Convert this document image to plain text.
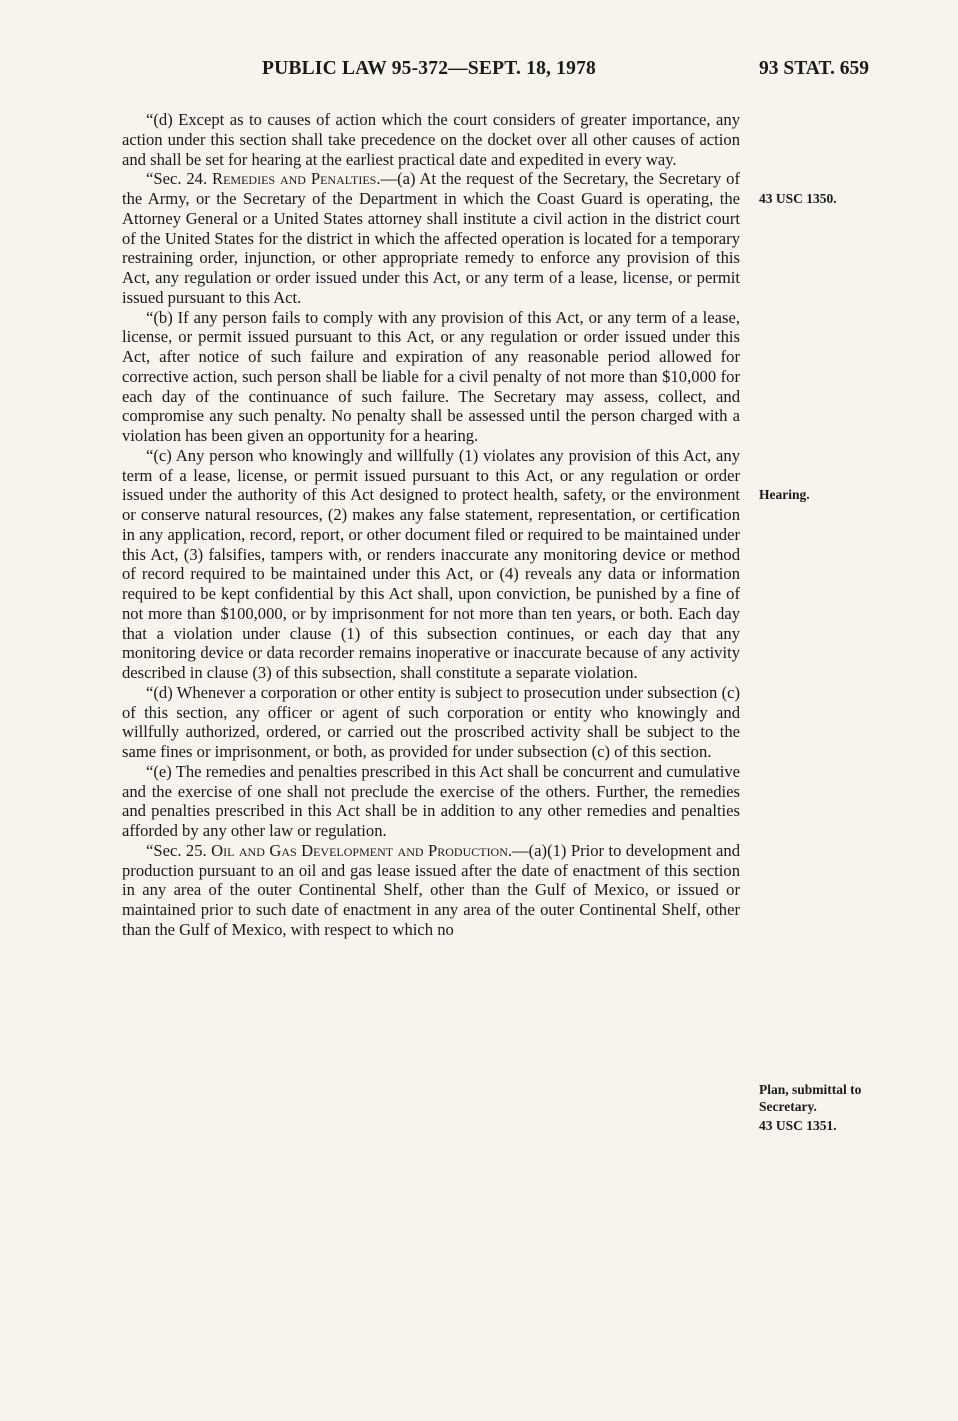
PUBLIC LAW 95-372—SEPT. 18, 1978	93 STAT. 659

“(d) Except as to causes of action which the court considers of greater importance, any action under this section shall take precedence on the docket over all other causes of action and shall be set for hearing at the earliest practical date and expedited in every way.

“Sec. 24. Remedies and Penalties.—(a) At the request of the Secretary, the Secretary of the Army, or the Secretary of the Department in which the Coast Guard is operating, the Attorney General or a United States attorney shall institute a civil action in the district court of the United States for the district in which the affected operation is located for a temporary restraining order, injunction, or other appropriate remedy to enforce any provision of this Act, any regulation or order issued under this Act, or any term of a lease, license, or permit issued pursuant to this Act.

“(b) If any person fails to comply with any provision of this Act, or any term of a lease, license, or permit issued pursuant to this Act, or any regulation or order issued under this Act, after notice of such failure and expiration of any reasonable period allowed for corrective action, such person shall be liable for a civil penalty of not more than $10,000 for each day of the continuance of such failure. The Secretary may assess, collect, and compromise any such penalty. No penalty shall be assessed until the person charged with a violation has been given an opportunity for a hearing.

“(c) Any person who knowingly and willfully (1) violates any provision of this Act, any term of a lease, license, or permit issued pursuant to this Act, or any regulation or order issued under the authority of this Act designed to protect health, safety, or the environment or conserve natural resources, (2) makes any false statement, representation, or certification in any application, record, report, or other document filed or required to be maintained under this Act, (3) falsifies, tampers with, or renders inaccurate any monitoring device or method of record required to be maintained under this Act, or (4) reveals any data or information required to be kept confidential by this Act shall, upon conviction, be punished by a fine of not more than $100,000, or by imprisonment for not more than ten years, or both. Each day that a violation under clause (1) of this subsection continues, or each day that any monitoring device or data recorder remains inoperative or inaccurate because of any activity described in clause (3) of this subsection, shall constitute a separate violation.

“(d) Whenever a corporation or other entity is subject to prosecution under subsection (c) of this section, any officer or agent of such corporation or entity who knowingly and willfully authorized, ordered, or carried out the proscribed activity shall be subject to the same fines or imprisonment, or both, as provided for under subsection (c) of this section.

“(e) The remedies and penalties prescribed in this Act shall be concurrent and cumulative and the exercise of one shall not preclude the exercise of the others. Further, the remedies and penalties prescribed in this Act shall be in addition to any other remedies and penalties afforded by any other law or regulation.

“Sec. 25. Oil and Gas Development and Production.—(a)(1) Prior to development and production pursuant to an oil and gas lease issued after the date of enactment of this section in any area of the outer Continental Shelf, other than the Gulf of Mexico, or issued or maintained prior to such date of enactment in any area of the outer Continental Shelf, other than the Gulf of Mexico, with respect to which no

43 USC 1350.
Hearing.
Plan, submittal to
Secretary.
43 USC 1351.
